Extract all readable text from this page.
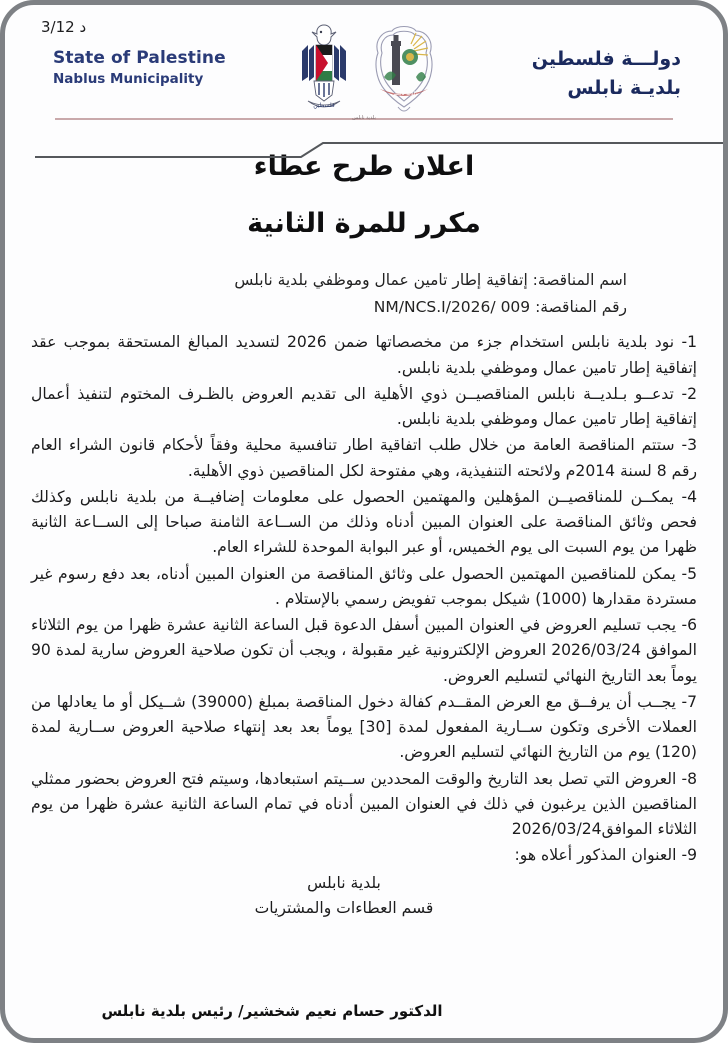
3/12 د
State of Palestine
Nablus Municipality
دولـــة فلسطين
بلديـة نابلس
بلدية نابلس
فلسطين
بلدية نابلس
اعلان طرح عطاء
مكرر للمرة الثانية
اسم المناقصة: إتفاقية إطار تامين عمال وموظفي بلدية نابلس
رقم المناقصة: 009 /NM/NCS.I/2026

1- نود بلدية نابلس استخدام جزء من مخصصاتها ضمن 2026 لتسديد المبالغ المستحقة بموجب عقد إتفاقية إطار تامين عمال وموظفي بلدية نابلس.

2- تدعــو بـلديــة نابلس المناقصيــن ذوي الأهلية الى تقديم العروض بالظـرف المختوم لتنفيذ أعمال إتفاقية إطار تامين عمال وموظفي بلدية نابلس.

3- ستتم المناقصة العامة من خلال طلب اتفاقية اطار تنافسية محلية وفقاً لأحكام قانون الشراء العام رقم 8 لسنة 2014م ولائحته التنفيذية، وهي مفتوحة لكل المناقصين ذوي الأهلية.

4- يمكــن للمناقصيــن المؤهلين والمهتمين الحصول على معلومات إضافيــة من بلدية نابلس وكذلك فحص وثائق المناقصة على العنوان المبين أدناه وذلك من الســاعة الثامنة صباحا إلى الســاعة الثانية ظهرا من يوم السبت الى يوم الخميس، أو عبر البوابة الموحدة للشراء العام.

5- يمكن للمناقصين المهتمين الحصول على وثائق المناقصة من العنوان المبين أدناه، بعد دفع رسوم غير مستردة مقدارها (1000) شيكل بموجب تفويض رسمي بالإستلام .

6- يجب تسليم العروض في العنوان المبين أسفل الدعوة قبل الساعة الثانية عشرة ظهرا من يوم الثلاثاء الموافق 2026/03/24 العروض الإلكترونية غير مقبولة ، ويجب أن تكون صلاحية العروض سارية لمدة 90 يوماً بعد التاريخ النهائي لتسليم العروض.

7- يجــب أن يرفــق مع العرض المقــدم كفالة دخول المناقصة بمبلغ (39000) شــيكل أو ما يعادلها من العملات الأخرى وتكون ســارية المفعول لمدة [30] يوماً بعد بعد إنتهاء صلاحية العروض ســارية لمدة (120) يوم من التاريخ النهائي لتسليم العروض.

8- العروض التي تصل بعد التاريخ والوقت المحددين ســيتم استبعادها، وسيتم فتح العروض بحضور ممثلي المناقصين الذين يرغبون في ذلك في العنوان المبين أدناه في تمام الساعة الثانية عشرة ظهرا من يوم الثلاثاء الموافق2026/03/24

9- العنوان المذكور أعلاه هو:

بلدية نابلس
قسم العطاءات والمشتريات
الدكتور حسام نعيم شخشير/ رئيس بلدية نابلس
